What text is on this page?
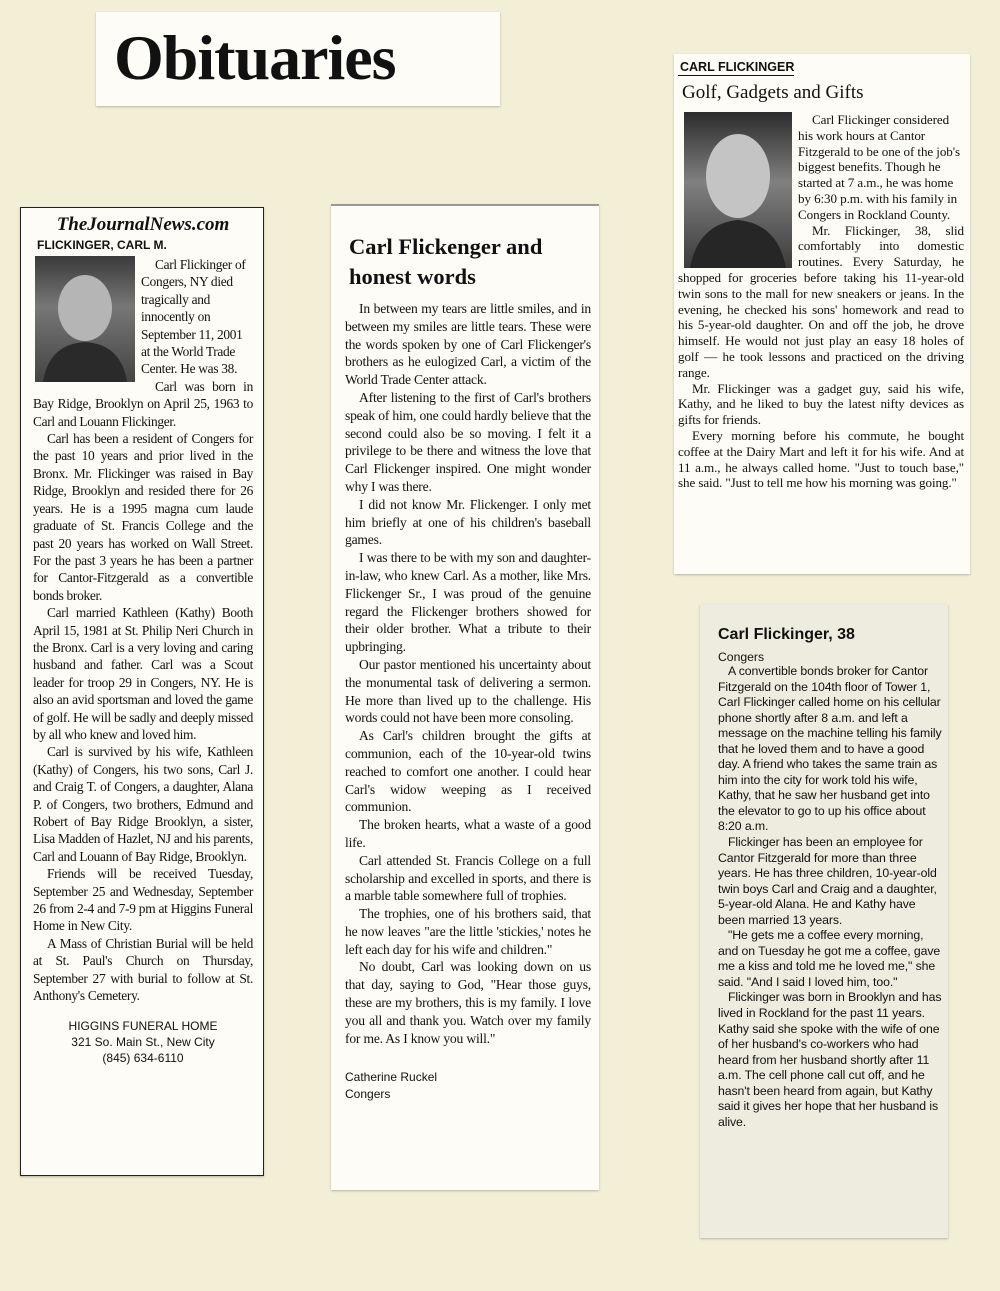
Obituaries
TheJournalNews.com
FLICKINGER, CARL M.

Carl Flickinger of Congers, NY died tragically and innocently on September 11, 2001 at the World Trade Center. He was 38.

Carl was born in Bay Ridge, Brooklyn on April 25, 1963 to Carl and Louann Flickinger.

Carl has been a resident of Congers for the past 10 years and prior lived in the Bronx. Mr. Flickinger was raised in Bay Ridge, Brooklyn and resided there for 26 years. He is a 1995 magna cum laude graduate of St. Francis College and the past 20 years has worked on Wall Street. For the past 3 years he has been a partner for Cantor-Fitzgerald as a convertible bonds broker.

Carl married Kathleen (Kathy) Booth April 15, 1981 at St. Philip Neri Church in the Bronx. Carl is a very loving and caring husband and father. Carl was a Scout leader for troop 29 in Congers, NY. He is also an avid sportsman and loved the game of golf. He will be sadly and deeply missed by all who knew and loved him.

Carl is survived by his wife, Kathleen (Kathy) of Congers, his two sons, Carl J. and Craig T. of Congers, a daughter, Alana P. of Congers, two brothers, Edmund and Robert of Bay Ridge Brooklyn, a sister, Lisa Madden of Hazlet, NJ and his parents, Carl and Louann of Bay Ridge, Brooklyn.

Friends will be received Tuesday, September 25 and Wednesday, September 26 from 2-4 and 7-9 pm at Higgins Funeral Home in New City.

A Mass of Christian Burial will be held at St. Paul's Church on Thursday, September 27 with burial to follow at St. Anthony's Cemetery.

HIGGINS FUNERAL HOME
321 So. Main St., New City
(845) 634-6110
Carl Flickenger and honest words

In between my tears are little smiles, and in between my smiles are little tears. These were the words spoken by one of Carl Flickenger's brothers as he eulogized Carl, a victim of the World Trade Center attack.

After listening to the first of Carl's brothers speak of him, one could hardly believe that the second could also be so moving. I felt it a privilege to be there and witness the love that Carl Flickenger inspired. One might wonder why I was there.

I did not know Mr. Flickenger. I only met him briefly at one of his children's baseball games.

I was there to be with my son and daughter-in-law, who knew Carl. As a mother, like Mrs. Flickenger Sr., I was proud of the genuine regard the Flickenger brothers showed for their older brother. What a tribute to their upbringing.

Our pastor mentioned his uncertainty about the monumental task of delivering a sermon. He more than lived up to the challenge. His words could not have been more consoling.

As Carl's children brought the gifts at communion, each of the 10-year-old twins reached to comfort one another. I could hear Carl's widow weeping as I received communion.

The broken hearts, what a waste of a good life.

Carl attended St. Francis College on a full scholarship and excelled in sports, and there is a marble table somewhere full of trophies.

The trophies, one of his brothers said, that he now leaves "are the little 'stickies,' notes he left each day for his wife and children."

No doubt, Carl was looking down on us that day, saying to God, "Hear those guys, these are my brothers, this is my family. I love you all and thank you. Watch over my family for me. As I know you will."

Catherine Ruckel
Congers
CARL FLICKINGER
Golf, Gadgets and Gifts

Carl Flickinger considered his work hours at Cantor Fitzgerald to be one of the job's biggest benefits. Though he started at 7 a.m., he was home by 6:30 p.m. with his family in Congers in Rockland County.

Mr. Flickinger, 38, slid comfortably into domestic routines. Every Saturday, he shopped for groceries before taking his 11-year-old twin sons to the mall for new sneakers or jeans. In the evening, he checked his sons' homework and read to his 5-year-old daughter. On and off the job, he drove himself. He would not just play an easy 18 holes of golf — he took lessons and practiced on the driving range.

Mr. Flickinger was a gadget guy, said his wife, Kathy, and he liked to buy the latest nifty devices as gifts for friends.

Every morning before his commute, he bought coffee at the Dairy Mart and left it for his wife. And at 11 a.m., he always called home. "Just to touch base," she said. "Just to tell me how his morning was going."

Carl Flickinger, 38
Congers

A convertible bonds broker for Cantor Fitzgerald on the 104th floor of Tower 1, Carl Flickinger called home on his cellular phone shortly after 8 a.m. and left a message on the machine telling his family that he loved them and to have a good day. A friend who takes the same train as him into the city for work told his wife, Kathy, that he saw her husband get into the elevator to go to up his office about 8:20 a.m.

Flickinger has been an employee for Cantor Fitzgerald for more than three years. He has three children, 10-year-old twin boys Carl and Craig and a daughter, 5-year-old Alana. He and Kathy have been married 13 years.

"He gets me a coffee every morning, and on Tuesday he got me a coffee, gave me a kiss and told me he loved me," she said. "And I said I loved him, too."

Flickinger was born in Brooklyn and has lived in Rockland for the past 11 years. Kathy said she spoke with the wife of one of her husband's co-workers who had heard from her husband shortly after 11 a.m. The cell phone call cut off, and he hasn't been heard from again, but Kathy said it gives her hope that her husband is alive.
